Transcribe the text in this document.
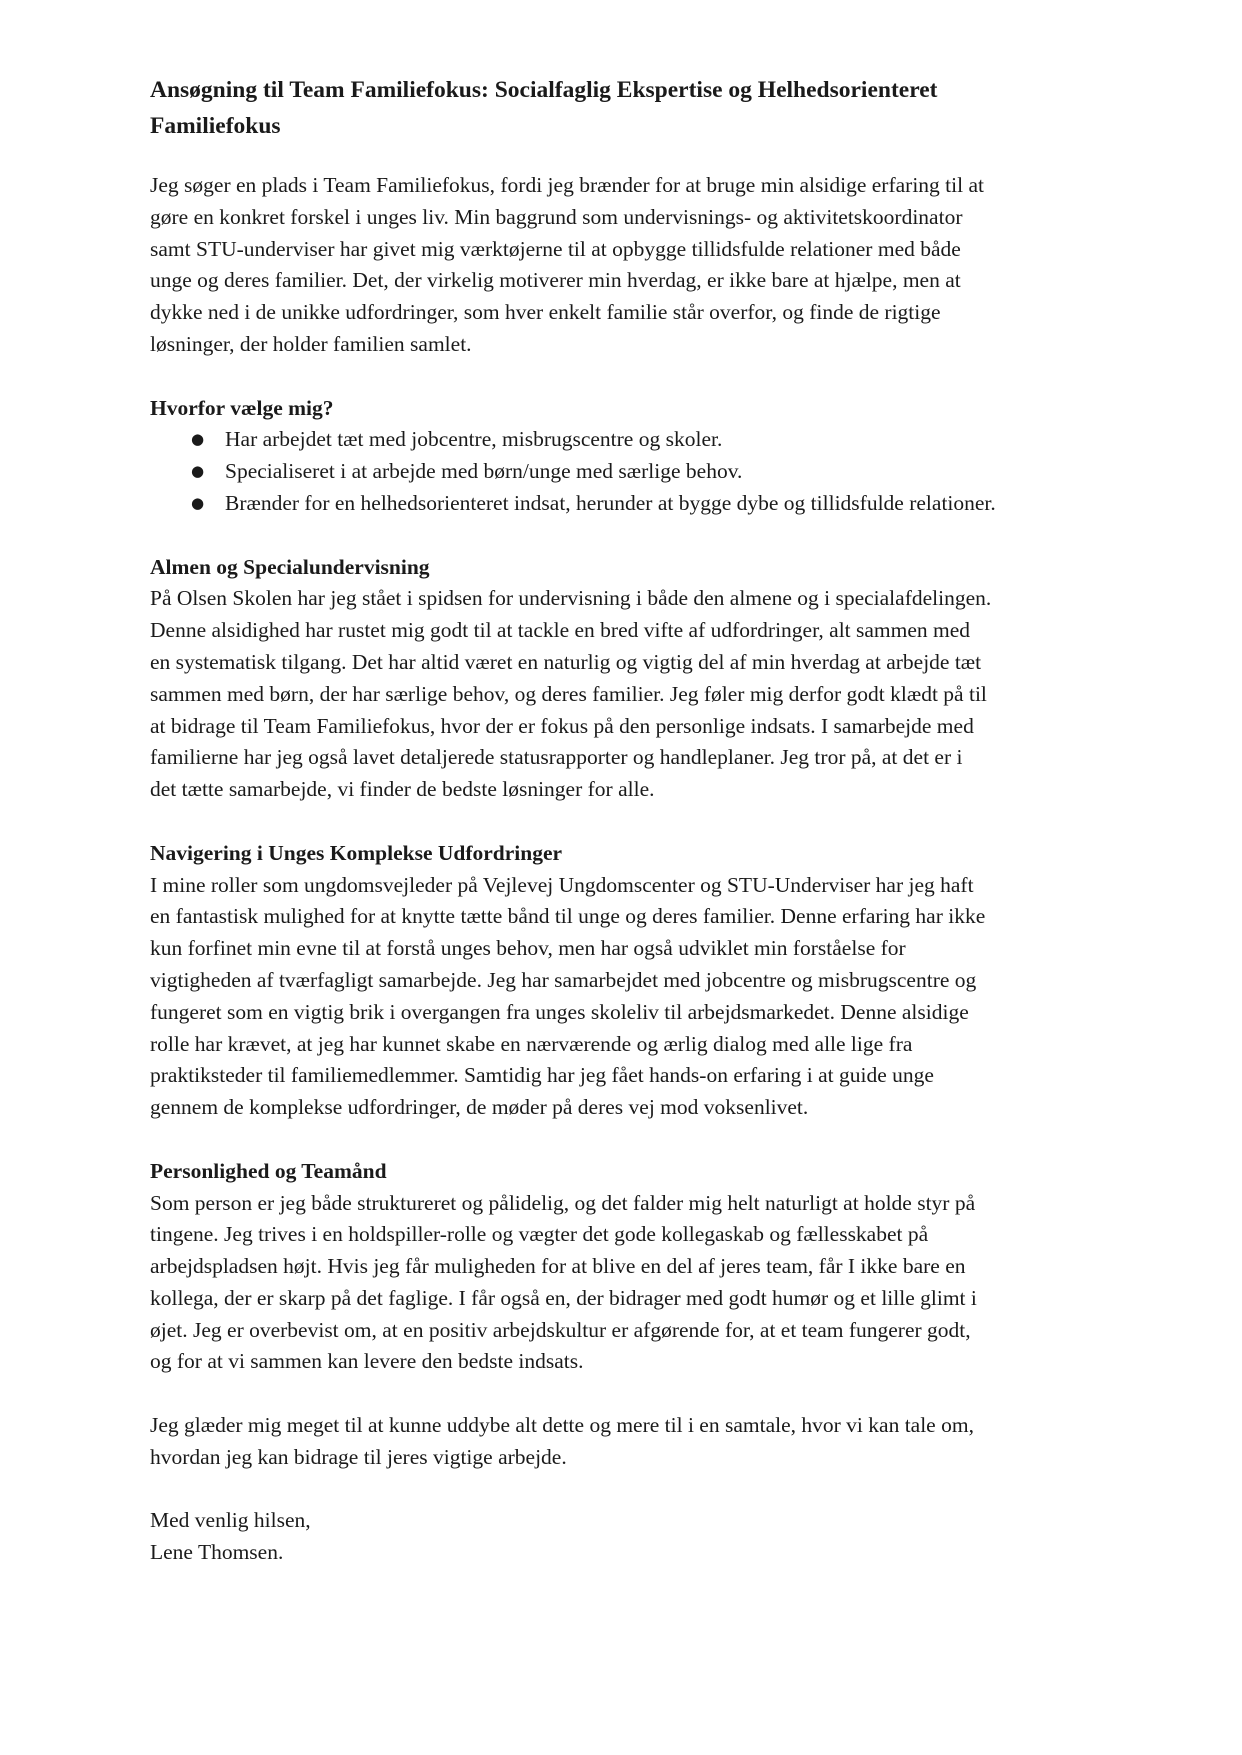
Ansøgning til Team Familiefokus: Socialfaglig Ekspertise og Helhedsorienteret
Familiefokus

Jeg søger en plads i Team Familiefokus, fordi jeg brænder for at bruge min alsidige erfaring til at
gøre en konkret forskel i unges liv. Min baggrund som undervisnings- og aktivitetskoordinator
samt STU-underviser har givet mig værktøjerne til at opbygge tillidsfulde relationer med både
unge og deres familier. Det, der virkelig motiverer min hverdag, er ikke bare at hjælpe, men at
dykke ned i de unikke udfordringer, som hver enkelt familie står overfor, og finde de rigtige
løsninger, der holder familien samlet.

Hvorfor vælge mig?

● Har arbejdet tæt med jobcentre, misbrugscentre og skoler.
● Specialiseret i at arbejde med børn/unge med særlige behov.
● Brænder for en helhedsorienteret indsat, herunder at bygge dybe og tillidsfulde relationer.

Almen og Specialundervisning

På Olsen Skolen har jeg stået i spidsen for undervisning i både den almene og i specialafdelingen.
Denne alsidighed har rustet mig godt til at tackle en bred vifte af udfordringer, alt sammen med
en systematisk tilgang. Det har altid været en naturlig og vigtig del af min hverdag at arbejde tæt
sammen med børn, der har særlige behov, og deres familier. Jeg føler mig derfor godt klædt på til
at bidrage til Team Familiefokus, hvor der er fokus på den personlige indsats. I samarbejde med
familierne har jeg også lavet detaljerede statusrapporter og handleplaner. Jeg tror på, at det er i
det tætte samarbejde, vi finder de bedste løsninger for alle.

Navigering i Unges Komplekse Udfordringer

I mine roller som ungdomsvejleder på Vejlevej Ungdomscenter og STU-Underviser har jeg haft
en fantastisk mulighed for at knytte tætte bånd til unge og deres familier. Denne erfaring har ikke
kun forfinet min evne til at forstå unges behov, men har også udviklet min forståelse for
vigtigheden af tværfagligt samarbejde. Jeg har samarbejdet med jobcentre og misbrugscentre og
fungeret som en vigtig brik i overgangen fra unges skoleliv til arbejdsmarkedet. Denne alsidige
rolle har krævet, at jeg har kunnet skabe en nærværende og ærlig dialog med alle lige fra
praktiksteder til familiemedlemmer. Samtidig har jeg fået hands-on erfaring i at guide unge
gennem de komplekse udfordringer, de møder på deres vej mod voksenlivet.

Personlighed og Teamånd

Som person er jeg både struktureret og pålidelig, og det falder mig helt naturligt at holde styr på
tingene. Jeg trives i en holdspiller-rolle og vægter det gode kollegaskab og fællesskabet på
arbejdspladsen højt. Hvis jeg får muligheden for at blive en del af jeres team, får I ikke bare en
kollega, der er skarp på det faglige. I får også en, der bidrager med godt humør og et lille glimt i
øjet. Jeg er overbevist om, at en positiv arbejdskultur er afgørende for, at et team fungerer godt,
og for at vi sammen kan levere den bedste indsats.

Jeg glæder mig meget til at kunne uddybe alt dette og mere til i en samtale, hvor vi kan tale om,
hvordan jeg kan bidrage til jeres vigtige arbejde.

Med venlig hilsen,

Lene Thomsen.
